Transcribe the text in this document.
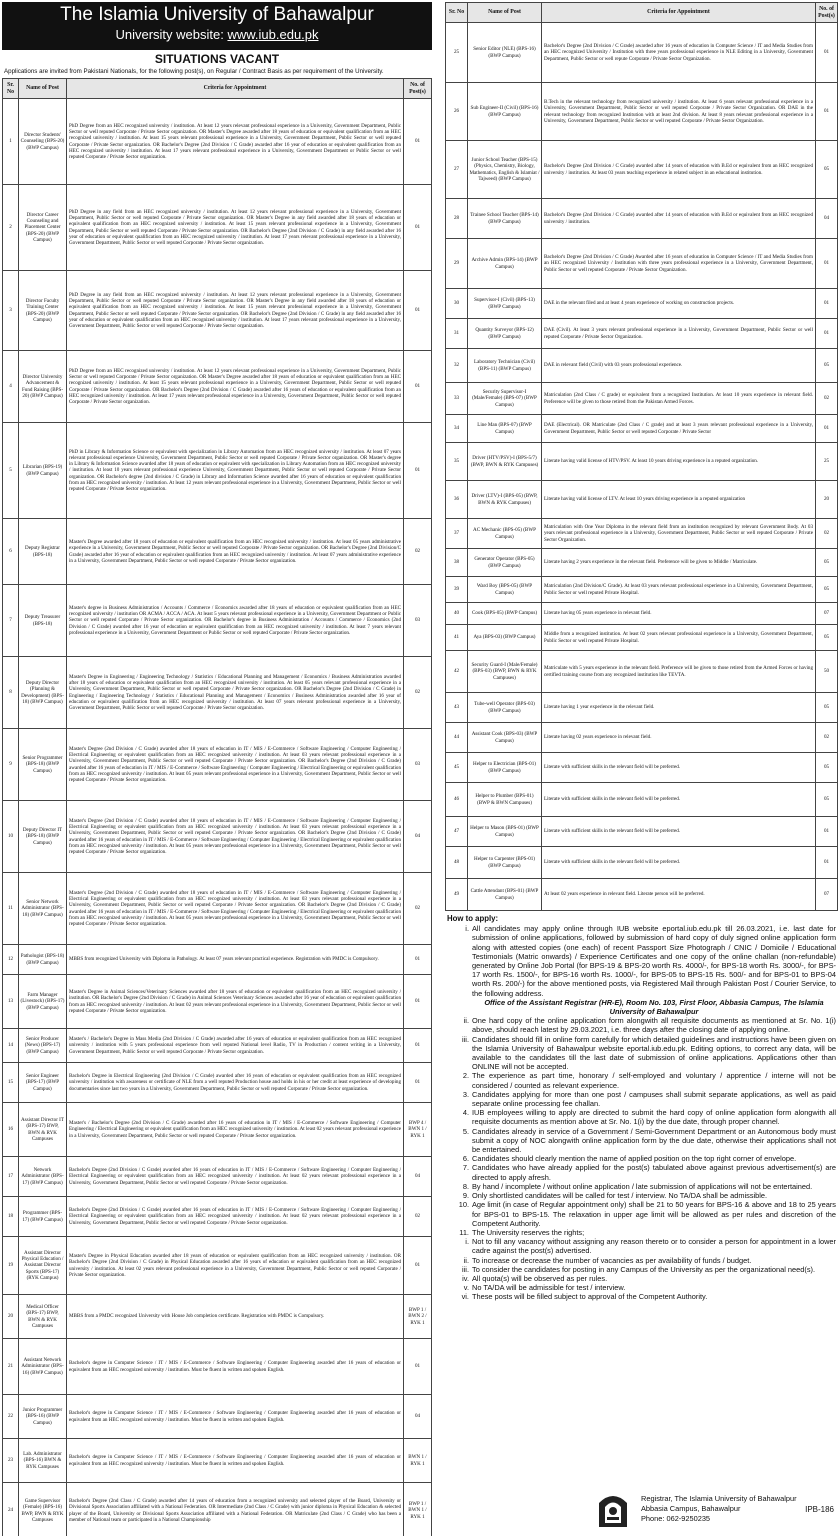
The Islamia University of Bahawalpur
University website: www.iub.edu.pk
SITUATIONS VACANT
Applications are invited from Pakistani Nationals, for the following post(s), on Regular / Contract Basis as per requirement of the University.
Sr. No	Name of Post	Criteria for Appointment	No. of Post(s)
1	Director Students' Counseling (BPS-20) (BWP Campus)	PhD Degree from an HEC recognized university / institution. At least 12 years relevant professional experience in a University, Government Department, Public Sector or well reputed Corporate / Private Sector organization. OR Master's Degree awarded after 18 years of education or equivalent qualification from an HEC recognized university / institution. At least 15 years relevant professional experience in a University, Government Department, Public Sector or well reputed Corporate / Private Sector organization. OR Bachelor's Degree (2nd Division / C Grade) awarded after 16 year of education or equivalent qualification from an HEC recognized university / institution. At least 17 years relevant professional experience in a University, Government Department or Public Sector or well reputed Corporate / Private Sector organization.	01
2	Director Career Counseling and Placement Center (BPS-20) (BWP Campus)	PhD Degree in any field from an HEC recognized university / institution. At least 12 years relevant professional experience in a University, Government Department, Public Sector or well reputed Corporate / Private Sector organization. OR Master's Degree in any field awarded after 18 years of education or equivalent qualification from an HEC recognized university / institution. At least 15 years relevant professional experience in a University, Government Department, Public Sector or well reputed Corporate / Private Sector organization. OR Bachelor's Degree (2nd Division / C Grade) in any field awarded after 16 year of education or equivalent qualification from an HEC recognized university / institution. At least 17 years relevant professional experience in a University, Government Department, Public Sector or well reputed Corporate / Private Sector organization.	01
3	Director Faculty Training Center (BPS-20) (BWP Campus)	PhD Degree in any field from an HEC recognized university / institution. At least 12 years relevant professional experience in a University, Government Department, Public Sector or well reputed Corporate / Private Sector organization. OR Master's Degree in any field awarded after 18 years of education or equivalent qualification from an HEC recognized university / institution. At least 15 years relevant professional experience in a University, Government Department, Public Sector or well reputed Corporate / Private Sector organization. OR Bachelor's Degree (2nd Division / C Grade) in any field awarded after 16 year of education or equivalent qualification from an HEC recognized university / institution. At least 17 years relevant professional experience in a University, Government Department, Public Sector or well reputed Corporate / Private Sector organization.	01
4	Director University Advancement & Fund Raising (BPS-20) (BWP Campus)	PhD Degree from an HEC recognized university / institution. At least 12 years relevant professional experience in a University, Government Department, Public Sector or well reputed Corporate / Private Sector organization. OR Master's Degree awarded after 18 years of education or equivalent qualification from an HEC recognized university / institution. At least 15 years relevant professional experience in a University, Government Department, Public Sector or well reputed Corporate / Private Sector organization. OR Bachelor's Degree (2nd Division / C Grade) awarded after 16 years of education or equivalent qualification from an HEC recognized university / institution. At least 17 years relevant professional experience in a University, Government Department, Public Sector or well reputed Corporate / Private Sector organization.	01
5	Librarian (BPS-19) (BWP Campus)	PhD in Library & Information Science or equivalent with specialization in Library Automation from an HEC recognized university / institution. At least 07 years relevant professional experience University, Government Department, Public Sector or well reputed Corporate / Private Sector organization. OR Master's degree in Library & Information Science awarded after 18 years of education or equivalent with specialization in Library Automation from an HEC recognized university / institution. At least 10 years relevant professional experience University, Government Department, Public Sector or well reputed Corporate / Private Sector organization. OR Bachelor's degree (2nd division / C Grade) in Library and Information Science awarded after 16 years of education or equivalent qualification from an HEC recognized university / institution. At least 12 years relevant professional experience in a University, Government Department, Public Sector or well reputed Corporate / Private Sector organization.	01
6	Deputy Registrar (BPS-18)	Master's Degree awarded after 18 years of education or equivalent qualification from an HEC recognized university / institution. At least 05 years administrative experience in a University, Government Department, Public Sector or well reputed Corporate / Private Sector organization. OR Bachelor's Degree (2nd Division/C Grade) awarded after 16 year of education or equivalent qualification from an HEC recognized university / institution. At least 07 years administrative experience in a University, Government Department, Public Sector or well reputed Corporate / Private Sector organization.	02
7	Deputy Treasurer (BPS-18)	Master's degree in Business Administration / Accounts / Commerce / Economics awarded after 18 years of education or equivalent qualification from an HEC recognized university / institution OR ACMA / ACCA / ACA. At least 5 years relevant professional experience in a University, Government Department or Public Sector or well reputed Corporate / Private Sector organization. OR Bachelor's degree in Business Administration / Accounts / Commerce / Economics (2nd Division / C Grade) awarded after 16 year of education or equivalent qualification from an HEC recognized university / institution. At least 7 years relevant professional experience in a University, Government Department or Public Sector or well reputed Corporate / Private Sector organization.	03
8	Deputy Director (Planning & Development) (BPS-18) (BWP Campus)	Master's Degree in Engineering / Engineering Technology / Statistics / Educational Planning and Management / Economics / Business Administration awarded after 18 years of education or equivalent qualification from an HEC recognized university / institution. At least 05 years relevant professional experience in a University, Government Department, Public Sector or well reputed Corporate / Private Sector organization. OR Bachelor's Degree (2nd Division / C Grade) in Engineering / Engineering Technology / Statistics / Educational Planning and Management / Economics / Business Administration awarded after 16 year of education or equivalent qualification from an HEC recognized university / institution. At least 07 years relevant professional experience in a University, Government Department, Public Sector or well reputed Corporate / Private Sector organization.	02
9	Senior Programmer (BPS-18) (BWP Campus)	Master's Degree (2nd Division / C Grade) awarded after 18 years of education in IT / MIS / E-Commerce / Software Engineering / Computer Engineering / Electrical Engineering or equivalent qualification from an HEC recognized university / institution. At least 03 years relevant professional experience in a University, Government Department, Public Sector or well reputed Corporate / Private Sector organization. OR Bachelor's Degree (2nd Division / C Grade) awarded after 16 years of education in IT / MIS / E-Commerce / Software Engineering / Computer Engineering / Electrical Engineering or equivalent qualification from an HEC recognized university / institution. At least 05 years relevant professional experience in a University, Government Department, Public Sector or well reputed Corporate / Private Sector organization.	03
10	Deputy Director IT (BPS-18) (BWP Campus)	Master's Degree (2nd Division / C Grade) awarded after 18 years of education in IT / MIS / E-Commerce / Software Engineering / Computer Engineering / Electrical Engineering or equivalent qualification from an HEC recognized university / institution. At least 03 years relevant professional experience in a University, Government Department, Public Sector or well reputed Corporate / Private Sector organization. OR Bachelor's Degree (2nd Division / C Grade) awarded after 16 years of education in IT / MIS / E-Commerce / Software Engineering / Computer Engineering / Electrical Engineering or equivalent qualification from an HEC recognized university / institution. At least 05 years relevant professional experience in a University, Government Department, Public Sector or well reputed Corporate / Private Sector organization.	04
11	Senior Network Administrator (BPS-18) (BWP Campus)	Master's Degree (2nd Division / C Grade) awarded after 18 years of education in IT / MIS / E-Commerce / Software Engineering / Computer Engineering / Electrical Engineering or equivalent qualification from an HEC recognized university / institution. At least 03 years relevant professional experience in a University, Government Department, Public Sector or well reputed Corporate / Private Sector organization. OR Bachelor's Degree (2nd Division / C Grade) awarded after 16 years of education in IT / MIS / E-Commerce / Software Engineering / Computer Engineering / Electrical Engineering or equivalent qualification from an HEC recognized university / institution. At least 05 years relevant professional experience in a University, Government Department, Public Sector or well reputed Corporate / Private Sector organization.	02
12	Pathologist (BPS-18) (BWP Campus)	MBBS from recognized University with Diploma in Pathology. At least 07 years relevant practical experience. Registration with PMDC is Compulsory.	01
13	Farm Manager (Livestock) (BPS-17) (BWP Campus)	Master's Degree in Animal Sciences/Veterinary Sciences awarded after 18 years of education or equivalent qualification from an HEC recognized university / institution. OR Bachelor's Degree (2nd Division / C Grade) in Animal Sciences Veterinary Sciences awarded after 16 year of education or equivalent qualification from an HEC recognized university / institution. At least 02 years relevant professional experience in a University, Government Department, Public Sector or well reputed Corporate / Private Sector organization.	01
14	Senior Producer (News) (BPS-17) (BWP Campus)	Master's / Bachelor's Degree in Mass Media (2nd Division / C Grade) awarded after 16 years of education or equivalent qualification from an HEC recognized university / institution with 5 years professional experience from well reputed National level Radio, TV in Production / content writing in a University, Government Department, Public Sector or well reputed Corporate / Private Sector organization.	01
15	Senior Engineer (BPS-17) (BWP Campus)	Bachelor's Degree in Electrical Engineering (2nd Division / C Grade) awarded after 16 years of education or equivalent qualification from an HEC recognized university / institution with awareness or certificate of NLE from a well reputed Production house and holds in his or her credit at least experience of developing documentaries since last two years in a University, Government Department, Public Sector or well reputed Corporate / Private Sector organization.	01
16	Assistant Director IT (BPS-17) BWP, BWN & RYK Campuses	Master's / Bachelor's Degree (2nd Division / C Grade) awarded after 16 years of education in IT / MIS / E-Commerce / Software Engineering / Computer Engineering / Electrical Engineering or equivalent qualification from an HEC recognized university / institution. At least 02 years relevant professional experience in a University, Government Department, Public Sector or well reputed Corporate / Private Sector organization.	BWP 4 / BWN 1 / RYK 1
17	Network Administrator (BPS-17) (BWP Campus)	Bachelor's Degree (2nd Division / C Grade) awarded after 16 years of education in IT / MIS / E-Commerce / Software Engineering / Computer Engineering / Electrical Engineering or equivalent qualification from an HEC recognized university / institution. At least 02 years relevant professional experience in a University, Government Department, Public Sector or well reputed Corporate / Private Sector organization.	04
18	Programmer (BPS-17) (BWP Campus)	Bachelor's Degree (2nd Division / C Grade) awarded after 16 years of education in IT / MIS / E-Commerce / Software Engineering / Computer Engineering / Electrical Engineering or equivalent qualification from an HEC recognized university / institution. At least 02 years relevant professional experience in a University, Government Department, Public Sector or well reputed Corporate / Private Sector organization.	02
19	Assistant Director Physical Education / Assistant Director Sports (BPS-17) (RYK Campus)	Master's Degree in Physical Education awarded after 18 years of education or equivalent qualification from an HEC recognized university / institution. OR Bachelor's Degree (2nd Division / C Grade) in Physical Education awarded after 16 years of education or equivalent qualification from an HEC recognized university / institution. At least 02 years relevant professional experience in a University, Government Department, Public Sector or well reputed Corporate / Private Sector organization.	01
20	Medical Officer (BPS-17) BWP, BWN & RYK Campuses	MBBS from a PMDC recognized University with House Job completion certificate. Registration with PMDC is Compulsory.	BWP 1 / BWN 2 / RYK 1
21	Assistant Network Administrator (BPS-16) (BWP Campus)	Bachelor's degree in Computer Science / IT / MIS / E-Commerce / Software Engineering / Computer Engineering awarded after 16 years of education or equivalent from an HEC recognized university / institution. Must be fluent in written and spoken English.	01
22	Junior Programmer (BPS-16) (BWP Campus)	Bachelor's degree in Computer Science / IT / MIS / E-Commerce / Software Engineering / Computer Engineering awarded after 16 years of education or equivalent from an HEC recognized university / institution. Must be fluent in written and spoken English.	04
23	Lab. Administrator (BPS-16) BWN & RYK Campuses	Bachelor's degree in Computer Science / IT / MIS / E-Commerce / Software Engineering / Computer Engineering awarded after 16 years of education or equivalent from an HEC recognized university / institution. Must be fluent in written and spoken English.	BWN 1 / RYK 1
24	Game Supervisor (Female) (BPS-16) BWP, BWN & RYK Campuses	Bachelor's Degree (2nd Class / C Grade) awarded after 14 years of education from a recognized university and selected player of the Board, University or Divisional Sports Association affiliated with a National Federation. OR Intermediate (2nd Class / C Grade) with junior diploma in Physical Education & selected player of the Board, University or Divisional Sports Association affiliated with a National Federation. OR Matriculate (2nd Class / C Grade) who has been a member of National team or participated in a National Championship	BWP 1 / BWN 1 / RYK 1
Sr. No	Name of Post	Criteria for Appointment	No. of Post(s)
25	Senior Editor (NLE) (BPS-16) (BWP Campus)	Bachelor's Degree (2nd Division / C Grade) awarded after 16 years of education in Computer Science / IT and Media Studies from an HEC recognized University / Institution with three years professional experience in NLE Editing in a University, Government Department, Public Sector or well repute Corporate / Private Sector Organization.	01
26	Sub Engineer-II (Civil) (BPS-16) (BWP Campus)	B.Tech in the relevant technology from recognized university / institution. At least 6 years relevant professional experience in a University, Government Department, Public Sector or well reputed Corporate / Private Sector Organization. OR DAE in the relevant technology from recognized Institution with at least 2nd division. At least 8 years relevant professional experience in a University, Government Department, Public Sector or well reputed Corporate / Private Sector Organization.	01
27	Junior School Teacher (BPS-15) (Physics, Chemistry, Biology, Mathematics, English & Islamiat / Tajweed) (BWP Campus)	Bachelor's Degree (2nd Division / C Grade) awarded after 14 years of education with B.Ed or equivalent from an HEC recognized university / institution. At least 03 years teaching experience in related subject in an educational institution.	05
28	Trainee School Teacher (BPS-14) (BWP Campus)	Bachelor's Degree (2nd Division / C Grade) awarded after 14 years of education with B.Ed or equivalent from an HEC recognized university / institution.	04
29	Archive Admin (BPS-14) (BWP Campus)	Bachelor's Degree (2nd Division / C Grade) Awarded after 16 years of education in Computer Science / IT and Media Studies from an HEC recognized University / Institution with three years professional experience in a University, Government Department, Public Sector or well reputed Corporate / Private Sector Organization.	01
30	Supervisor-I (Civil) (BPS-13) (BWP Campus)	DAE in the relevant filed and at least 4 years experience of working on construction projects.	01
31	Quantity Surveyor (BPS-12) (BWP Campus)	DAE (Civil). At least 3 years relevant professional experience in a University, Government Department, Public Sector or well reputed Corporate / Private Sector Organization.	01
32	Laboratory Technician (Civil) (BPS-11) (BWP Campus)	DAE in relevant field (Civil) with 03 years professional experience.	05
33	Security Supervisor-I (Male/Female) (BPS-07) (BWP Campus)	Matriculation (2nd Class / C grade) or equivalent from a recognized Institution. At least 10 years experience in relevant field. Preference will be given to those retired from the Pakistan Armed Forces.	02
34	Line Man (BPS-07) (BWP Campus)	DAE (Electrical). OR Matriculate (2nd Class / C grade) and at least 3 years relevant professional experience in a University, Government Department, Public Sector or well reputed Corporate / Private Sector	01
35	Driver (HTV/PSV)-I (BPS-5/7) (BWP, BWN & RYK Campuses)	Literate having valid license of HTV/PSV. At least 10 years driving experience in a reputed organization.	25
36	Driver (LTV)-I (BPS-05) (BWP, BWN & RYK Campuses)	Literate having valid license of LTV. At least 10 years driving experience in a reputed organization	20
37	AC Mechanic (BPS-05) (BWP Campus)	Matriculation with One Year Diploma in the relevant field from an institution recognized by relevant Government Body. At 03 years relevant professional experience in a University, Government Department, Public Sector or well reputed Corporate / Private Sector Organization.	02
38	Generator Operator (BPS-05) (BWP Campus)	Literate having 2 years experience in the relevant field. Preference will be given to Middle / Matriculate.	05
39	Ward Boy (BPS-05) (BWP Campus)	Matriculation (2nd Division/C Grade). At least 03 years relevant professional experience in a University, Government Department, Public Sector or well reputed Private Hospital.	05
40	Cook (BPS-05) (BWP Campus)	Literate having 05 years experience in relevant field.	07
41	Aya (BPS-03) (BWP Campus)	Middle from a recognized institution. At least 02 years relevant professional experience in a University, Government Department, Public Sector or well reputed Private Hospital.	05
42	Security Guard-I (Male/Female) (BPS-03) (BWP, BWN & RYK Campuses)	Matriculate with 5 years experience in the relevant field. Preference will be given to those retired from the Armed Forces or having certified training course from any recognized institution like TEVTA.	50
43	Tube-well Operator (BPS-03) (BWP Campus)	Literate having 1 year experience in the relevant field.	05
44	Assistant Cook (BPS-03) (BWP Campus)	Literate having 02 years experience in relevant field.	02
45	Helper to Electrician (BPS-01) (BWP Campus)	Literate with sufficient skills in the relevant field will be preferred.	05
46	Helper to Plumber (BPS-01) (BWP & BWN Campuses)	Literate with sufficient skills in the relevant field will be preferred.	05
47	Helper to Mason (BPS-01) (BWP Campus)	Literate with sufficient skills in the relevant field will be preferred.	01
48	Helper to Carpenter (BPS-01) (BWP Campus)	Literate with sufficient skills in the relevant field will be preferred.	01
49	Cattle Attendant (BPS-01) (BWP Campus)	At least 02 years experience in relevant field. Literate person will be preferred.	07
How to apply:
i. All candidates may apply online through IUB website eportal.iub.edu.pk till 26.03.2021, i.e. last date for submission of online applications, followed by submission of hard copy of duly signed online application form along with attested copies (one each) of recent Passport Size Photograph / CNIC / Domicile / Educational Testimonials (Matric onwards) / Experience Certificates and one copy of the online challan (non-refundable) generated by Online Job Portal (for BPS-19 & BPS-20 worth Rs. 4000/-, for BPS-18 worth Rs. 3000/-, for BPS-17 worth Rs. 1500/-, for BPS-16 worth Rs. 1000/-, for BPS-05 to BPS-15 Rs. 500/- and for BPS-01 to BPS-04 worth Rs. 200/-) for the above mentioned posts, via Registered Mail through Pakistan Post / Courier Service, to the following address.
Office of the Assistant Registrar (HR-E), Room No. 103, First Floor, Abbasia Campus, The Islamia University of Bahawalpur
ii. One hard copy of the online application form alongwith all requisite documents as mentioned at Sr. No. 1(i) above, should reach latest by 29.03.2021, i.e. three days after the closing date of applying online.
iii. Candidates should fill in online form carefully for which detailed guidelines and instructions have been given on the Islamia University of Bahawalpur website eportal.iub.edu.pk. Editing options, to correct any data, will be available to the candidates till the last date of submission of online applications. Applications other than ONLINE will not be accepted.
2. The experience as part time, honorary / self-employed and voluntary / apprentice / interne will not be considered / counted as relevant experience.
3. Candidates applying for more than one post / campuses shall submit separate applications, as well as paid separate online processing fee challan.
4. IUB employees willing to apply are directed to submit the hard copy of online application form alongwith all requisite documents as mention above at Sr. No. 1(i) by the due date, through proper channel.
5. Candidates already in service of a Government / Semi-Government Department or an Autonomous body must submit a copy of NOC alongwith online application form by the due date, otherwise their applications shall not be entertained.
6. Candidates should clearly mention the name of applied position on the top right corner of envelope.
7. Candidates who have already applied for the post(s) tabulated above against previous advertisement(s) are directed to apply afresh.
8. By hand / incomplete / without online application / late submission of applications will not be entertained.
9. Only shortlisted candidates will be called for test / interview. No TA/DA shall be admissible.
10. Age limit (in case of Regular appointment only) shall be 21 to 50 years for BPS-16 & above and 18 to 25 years for BPS-01 to BPS-15. The relaxation in upper age limit will be allowed as per rules and discretion of the Competent Authority.
11. The University reserves the rights;
i. Not to fill any vacancy without assigning any reason thereto or to consider a person for appointment in a lower cadre against the post(s) advertised.
ii. To increase or decrease the number of vacancies as per availability of funds / budget.
iii. To consider the candidates for posting in any Campus of the University as per the organizational need(s).
iv. All quota(s) will be observed as per rules.
v. No TA/DA will be admissible for test / interview.
vi. These posts will be filled subject to approval of the Competent Authority.
Registrar, The Islamia University of Bahawalpur
Abbasia Campus, Bahawalpur
Phone: 062-9250235
IPB-186
